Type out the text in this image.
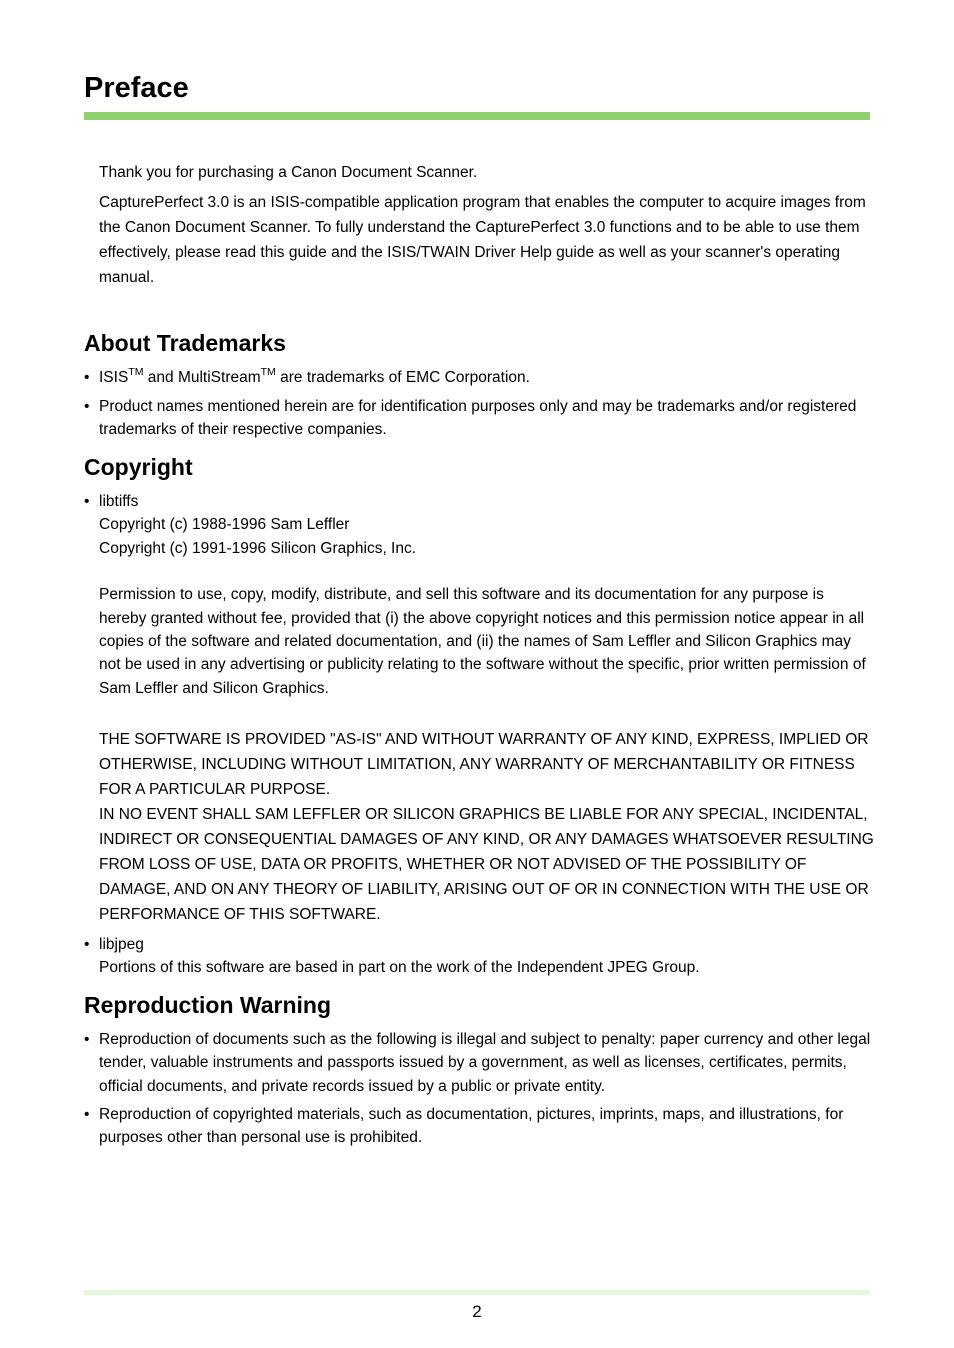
Preface

Thank you for purchasing a Canon Document Scanner.

CapturePerfect 3.0 is an ISIS-compatible application program that enables the computer to acquire images from the Canon Document Scanner. To fully understand the CapturePerfect 3.0 functions and to be able to use them effectively, please read this guide and the ISIS/TWAIN Driver Help guide as well as your scanner's operating manual.

About Trademarks
• ISIS™ and MultiStream™ are trademarks of EMC Corporation.
• Product names mentioned herein are for identification purposes only and may be trademarks and/or registered trademarks of their respective companies.
Copyright
• libtiffs
Copyright (c) 1988-1996 Sam Leffler
Copyright (c) 1991-1996 Silicon Graphics, Inc.
Permission to use, copy, modify, distribute, and sell this software and its documentation for any purpose is hereby granted without fee, provided that (i) the above copyright notices and this permission notice appear in all copies of the software and related documentation, and (ii) the names of Sam Leffler and Silicon Graphics may not be used in any advertising or publicity relating to the software without the specific, prior written permission of Sam Leffler and Silicon Graphics.
THE SOFTWARE IS PROVIDED "AS-IS" AND WITHOUT WARRANTY OF ANY KIND, EXPRESS, IMPLIED OR OTHERWISE, INCLUDING WITHOUT LIMITATION, ANY WARRANTY OF MERCHANTABILITY OR FITNESS FOR A PARTICULAR PURPOSE.
IN NO EVENT SHALL SAM LEFFLER OR SILICON GRAPHICS BE LIABLE FOR ANY SPECIAL, INCIDENTAL, INDIRECT OR CONSEQUENTIAL DAMAGES OF ANY KIND, OR ANY DAMAGES WHATSOEVER RESULTING FROM LOSS OF USE, DATA OR PROFITS, WHETHER OR NOT ADVISED OF THE POSSIBILITY OF DAMAGE, AND ON ANY THEORY OF LIABILITY, ARISING OUT OF OR IN CONNECTION WITH THE USE OR PERFORMANCE OF THIS SOFTWARE.
• libjpeg
Portions of this software are based in part on the work of the Independent JPEG Group.
Reproduction Warning
• Reproduction of documents such as the following is illegal and subject to penalty: paper currency and other legal tender, valuable instruments and passports issued by a government, as well as licenses, certificates, permits, official documents, and private records issued by a public or private entity.
• Reproduction of copyrighted materials, such as documentation, pictures, imprints, maps, and illustrations, for purposes other than personal use is prohibited.
2
